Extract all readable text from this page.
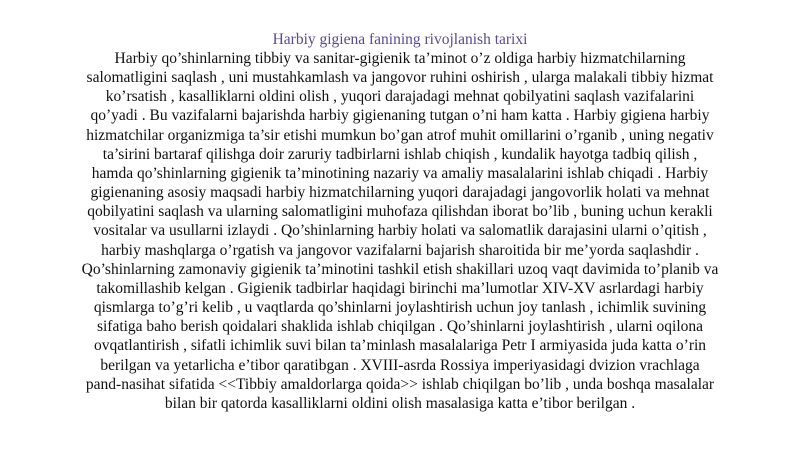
Harbiy gigiena fanining rivojlanish tarixi

Harbiy qo’shinlarning tibbiy va sanitar-gigienik ta’minot o’z oldiga harbiy hizmatchilarning
salomatligini saqlash , uni mustahkamlash va jangovor ruhini oshirish , ularga malakali tibbiy hizmat
ko’rsatish , kasalliklarni oldini olish , yuqori darajadagi mehnat qobilyatini saqlash vazifalarini
qo’yadi . Bu vazifalarni bajarishda harbiy gigienaning tutgan o’ni ham katta . Harbiy gigiena harbiy
hizmatchilar organizmiga ta’sir etishi mumkun bo’gan atrof muhit omillarini o’rganib , uning negativ
ta’sirini bartaraf qilishga doir zaruriy tadbirlarni ishlab chiqish , kundalik hayotga tadbiq qilish ,
hamda qo’shinlarning gigienik ta’minotining nazariy va amaliy masalalarini ishlab chiqadi . Harbiy
gigienaning asosiy maqsadi harbiy hizmatchilarning yuqori darajadagi jangovorlik holati va mehnat
qobilyatini saqlash va ularning salomatligini muhofaza qilishdan iborat bo’lib , buning uchun kerakli
vositalar va usullarni izlaydi . Qo’shinlarning harbiy holati va salomatlik darajasini ularni o’qitish ,
harbiy mashqlarga o’rgatish va jangovor vazifalarni bajarish sharoitida bir me’yorda saqlashdir .
Qo’shinlarning zamonaviy gigienik ta’minotini tashkil etish shakillari uzoq vaqt davimida to’planib va
takomillashib kelgan . Gigienik tadbirlar haqidagi birinchi ma’lumotlar XIV-XV asrlardagi harbiy
qismlarga to’g’ri kelib , u vaqtlarda qo’shinlarni joylashtirish uchun joy tanlash , ichimlik suvining
sifatiga baho berish qoidalari shaklida ishlab chiqilgan . Qo’shinlarni joylashtirish , ularni oqilona
ovqatlantirish , sifatli ichimlik suvi bilan ta’minlash masalalariga Petr I armiyasida juda katta o’rin
berilgan va yetarlicha e’tibor qaratibgan . XVIII-asrda Rossiya imperiyasidagi dvizion vrachlaga
pand-nasihat sifatida <<Tibbiy amaldorlarga qoida>> ishlab chiqilgan bo’lib , unda boshqa masalalar
bilan bir qatorda kasalliklarni oldini olish masalasiga katta e’tibor berilgan .
